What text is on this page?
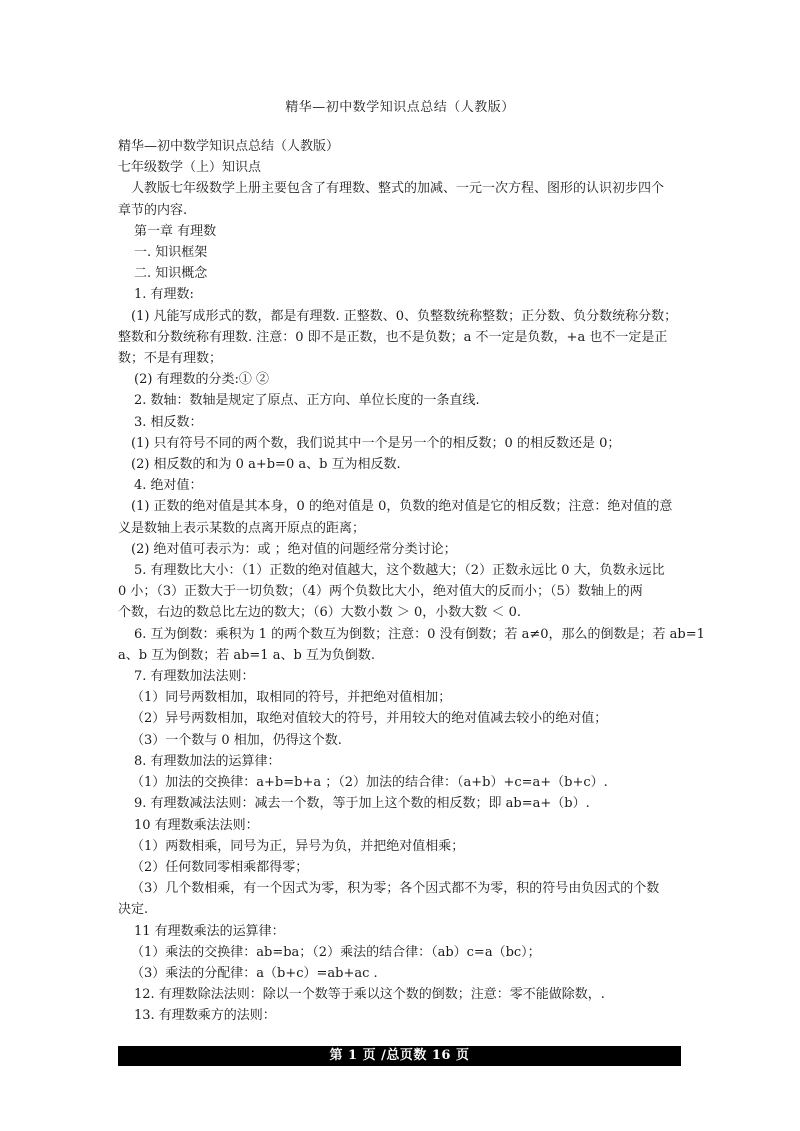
精华—初中数学知识点总结（人教版）

精华—初中数学知识点总结（人教版）

七年级数学（上）知识点

人教版七年级数学上册主要包含了有理数、整式的加减、一元一次方程、图形的认识初步四个

章节的内容.

第一章 有理数

一. 知识框架

二. 知识概念

1. 有理数:

(1) 凡能写成形式的数，都是有理数. 正整数、0、负整数统称整数；正分数、负分数统称分数；

整数和分数统称有理数. 注意：0 即不是正数，也不是负数；a 不一定是负数，+a 也不一定是正

数；不是有理数；

(2) 有理数的分类:① ②

2. 数轴：数轴是规定了原点、正方向、单位长度的一条直线.

3. 相反数：

(1) 只有符号不同的两个数，我们说其中一个是另一个的相反数；0 的相反数还是 0；

(2) 相反数的和为 0 a+b=0 a、b 互为相反数.

4. 绝对值：

(1) 正数的绝对值是其本身，0 的绝对值是 0，负数的绝对值是它的相反数；注意：绝对值的意

义是数轴上表示某数的点离开原点的距离；

(2) 绝对值可表示为：或 ；绝对值的问题经常分类讨论；

5. 有理数比大小：（1）正数的绝对值越大，这个数越大；（2）正数永远比 0 大，负数永远比

0 小；（3）正数大于一切负数；（4）两个负数比大小，绝对值大的反而小；（5）数轴上的两

个数，右边的数总比左边的数大；（6）大数小数 ＞ 0，小数大数 ＜ 0.

6. 互为倒数：乘积为 1 的两个数互为倒数；注意：0 没有倒数；若 a≠0，那么的倒数是；若 ab=1

a、b 互为倒数；若 ab=1 a、b 互为负倒数.

7. 有理数加法法则：

（1）同号两数相加，取相同的符号，并把绝对值相加；

（2）异号两数相加，取绝对值较大的符号，并用较大的绝对值减去较小的绝对值；

（3）一个数与 0 相加，仍得这个数.

8. 有理数加法的运算律：

（1）加法的交换律：a+b=b+a ；（2）加法的结合律：（a+b）+c=a+（b+c）.

9. 有理数减法法则：减去一个数，等于加上这个数的相反数；即 ab=a+（b）.

10 有理数乘法法则：

（1）两数相乘，同号为正，异号为负，并把绝对值相乘；

（2）任何数同零相乘都得零；

（3）几个数相乘，有一个因式为零，积为零；各个因式都不为零，积的符号由负因式的个数

决定.

11 有理数乘法的运算律：

（1）乘法的交换律：ab=ba；（2）乘法的结合律：（ab）c=a（bc）；

（3）乘法的分配律：a（b+c）=ab+ac .

12. 有理数除法法则：除以一个数等于乘以这个数的倒数；注意：零不能做除数，.

13. 有理数乘方的法则：

第 1 页 /总页数 16 页
